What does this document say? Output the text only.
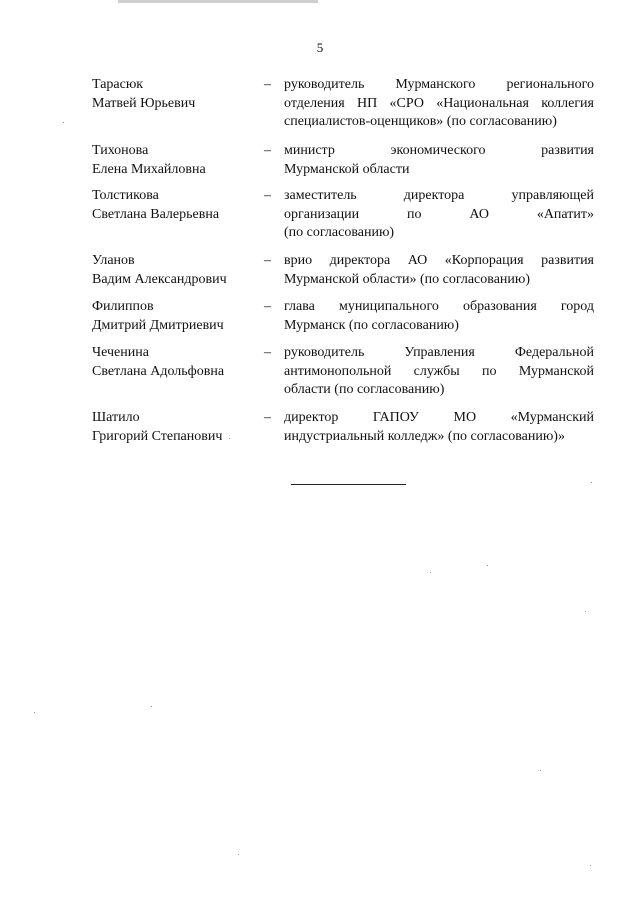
5
Тарасюк
Матвей Юрьевич
– руководитель Мурманского регионального
отделения НП «СРО «Национальная коллегия
специалистов-оценщиков» (по согласованию)
Тихонова
Елена Михайловна
– министр экономического развития
Мурманской области
Толстикова
Светлана Валерьевна
– заместитель директора управляющей
организации по АО «Апатит»
(по согласованию)
Уланов
Вадим Александрович
– врио директора АО «Корпорация развития
Мурманской области» (по согласованию)
Филиппов
Дмитрий Дмитриевич
– глава муниципального образования город
Мурманск (по согласованию)
Чеченина
Светлана Адольфовна
– руководитель Управления Федеральной
антимонопольной службы по Мурманской
области (по согласованию)
Шатило
Григорий Степанович
– директор ГАПОУ МО «Мурманский
индустриальный колледж» (по согласованию)»
